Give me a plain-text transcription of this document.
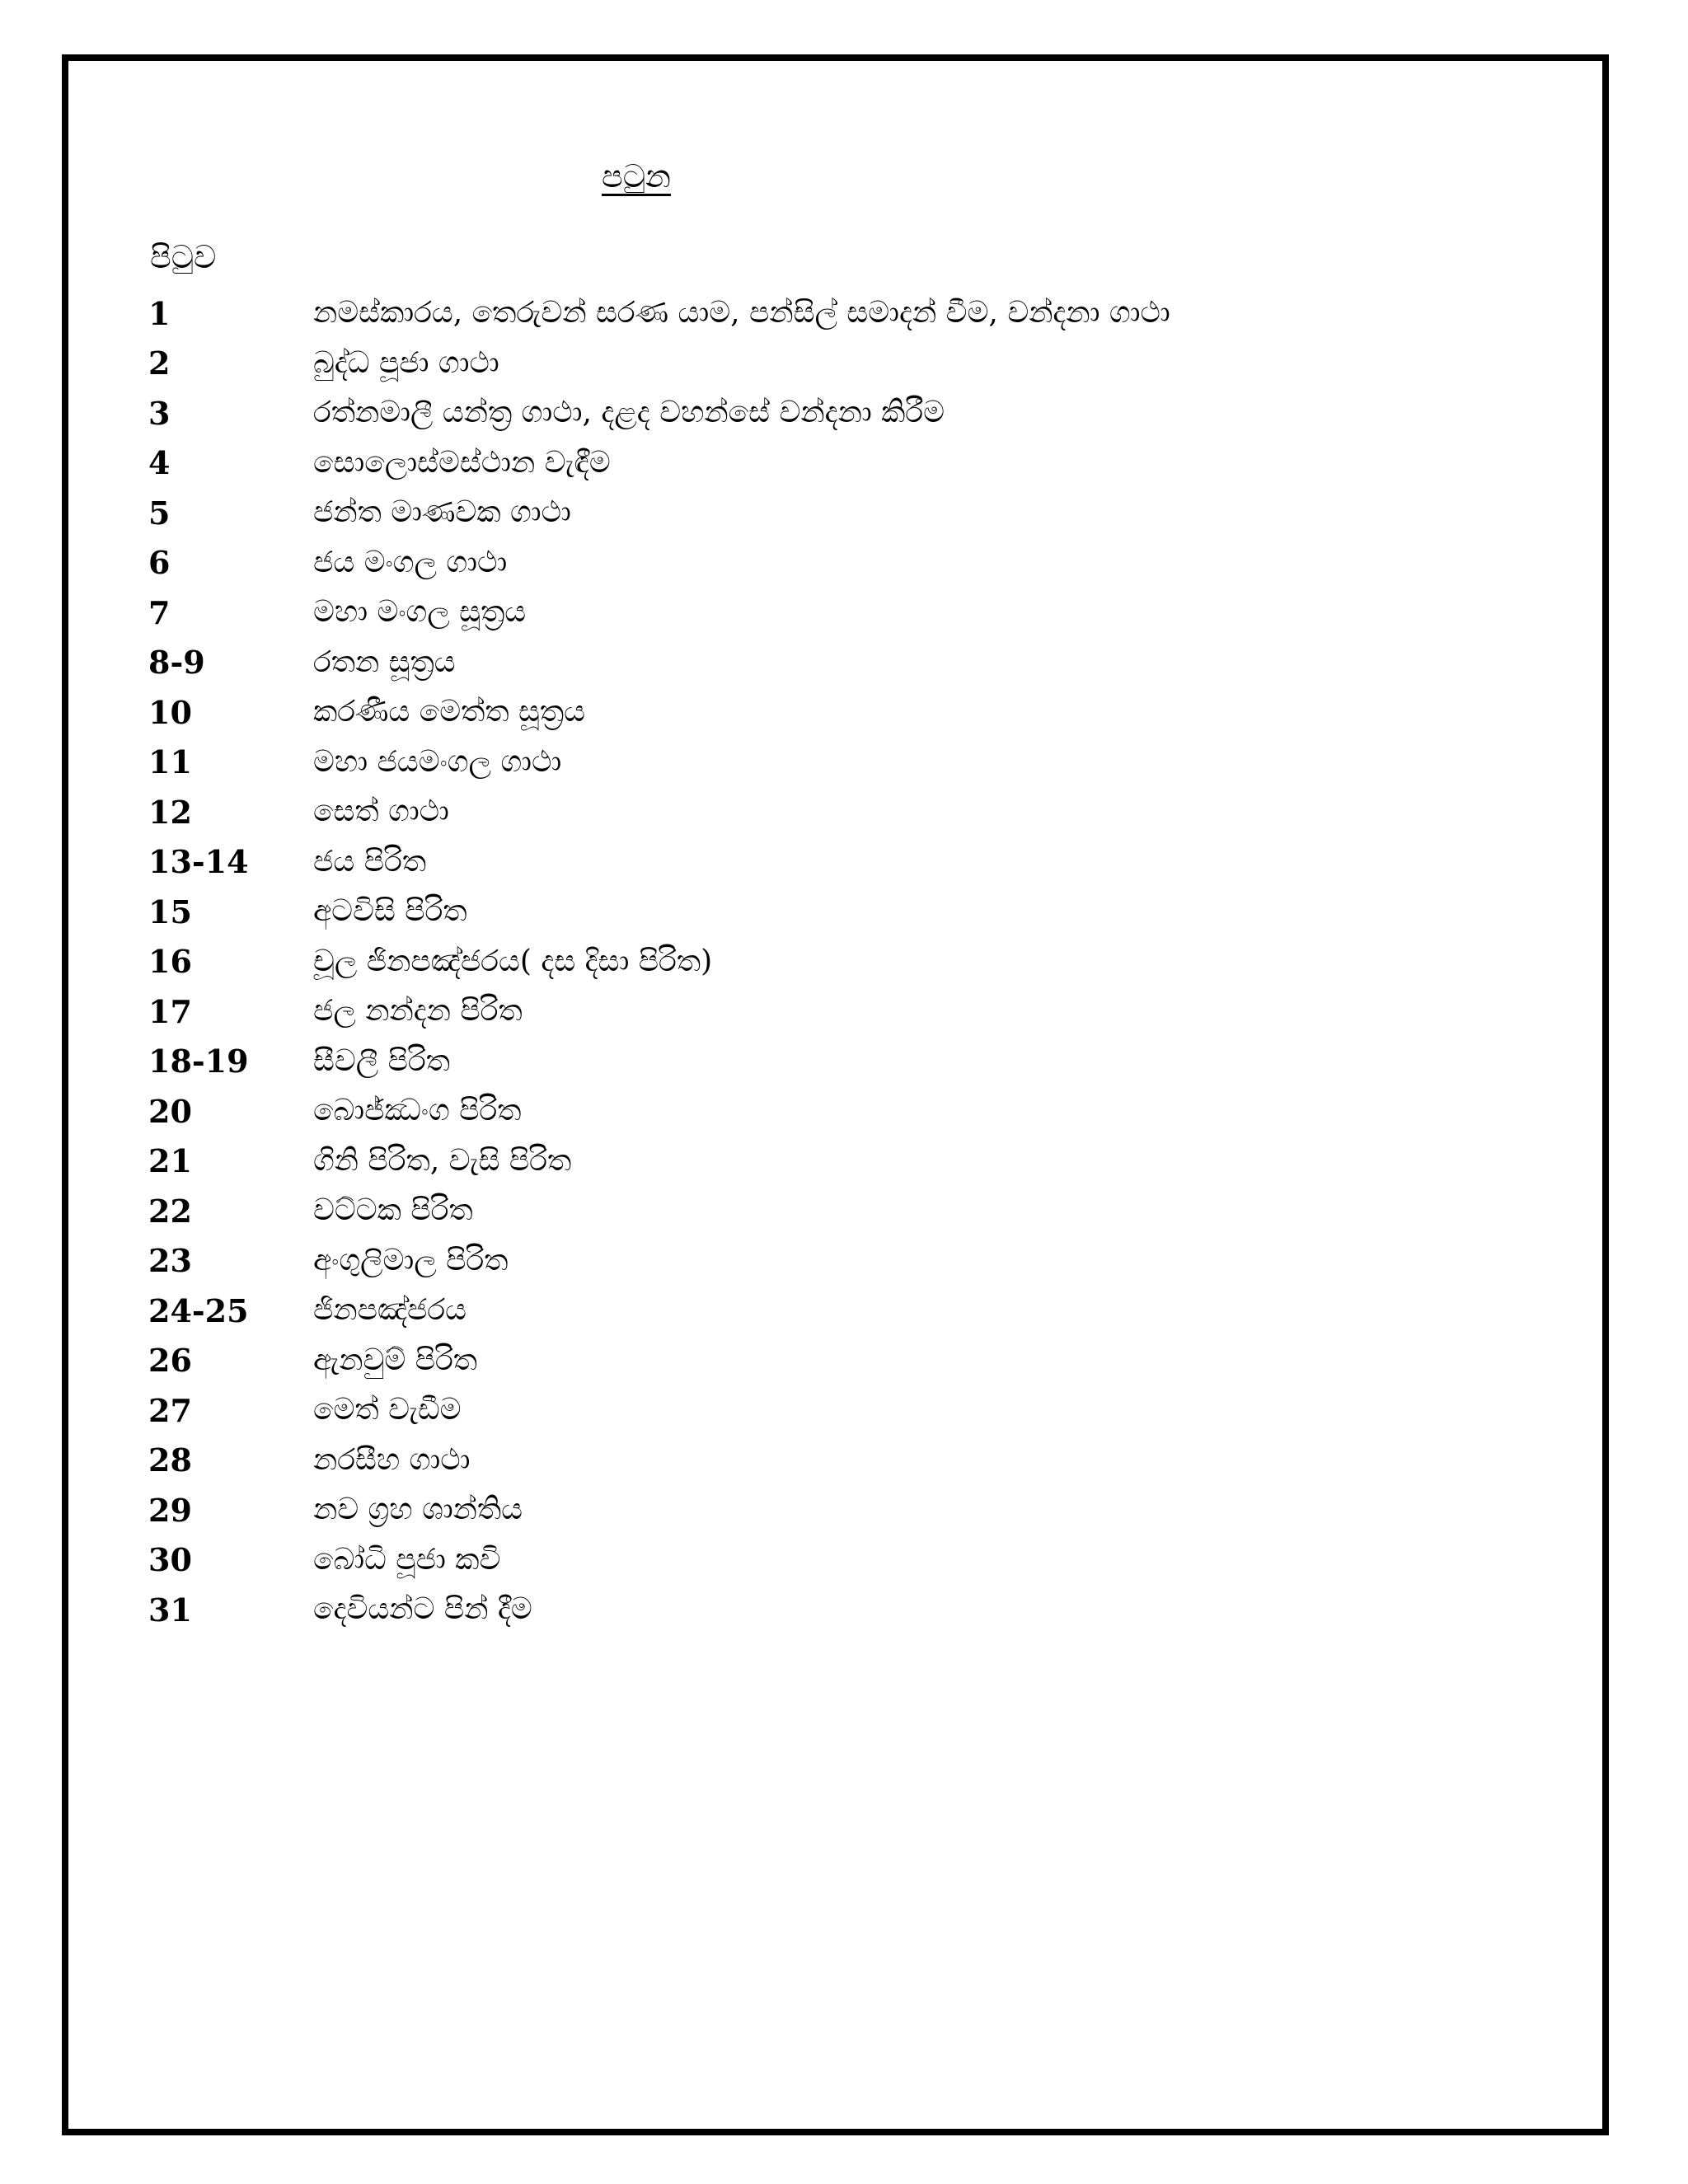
පටුන
පිටුව
1	නමස්කාරය, තෙරුවන් සරණ යාම, පන්සිල් සමාදන් වීම, වන්දනා ගාථා
2	බුද්ධ පූජා ගාථා
3	රත්නමාලී යන්ත්‍ර ගාථා, දළද වහන්සේ වන්දනා කිරීම
4	සොලොස්මස්ථාන වැඳීම
5	ජන්ත මාණවක ගාථා
6	ජය මංගල ගාථා
7	මහා මංගල සූත්‍රය
8-9	රතන සූත්‍රය
10	කරණීය මෙත්ත සූත්‍රය
11	මහා ජයමංගල ගාථා
12	සෙත් ගාථා
13-14	ජය පිරිත
15	අටවිසි පිරිත
16	චූල ජිනපඤ්ජරය( දස දිසා පිරිත)
17	ජල නන්දන පිරිත
18-19	සීවලී පිරිත
20	බොජ්ඣංග පිරිත
21	ගිනි පිරිත, වැසි පිරිත
22	වට්ටක පිරිත
23	අංගුලිමාල පිරිත
24-25	ජිනපඤ්ජරය
26	ඇනවුම් පිරිත
27	මෙත් වැඩීම
28	නරසීහ ගාථා
29	නව ග්‍රහ ශාන්තිය
30	බෝධි පූජා කවි
31	දෙවියන්ට පින් දීම
